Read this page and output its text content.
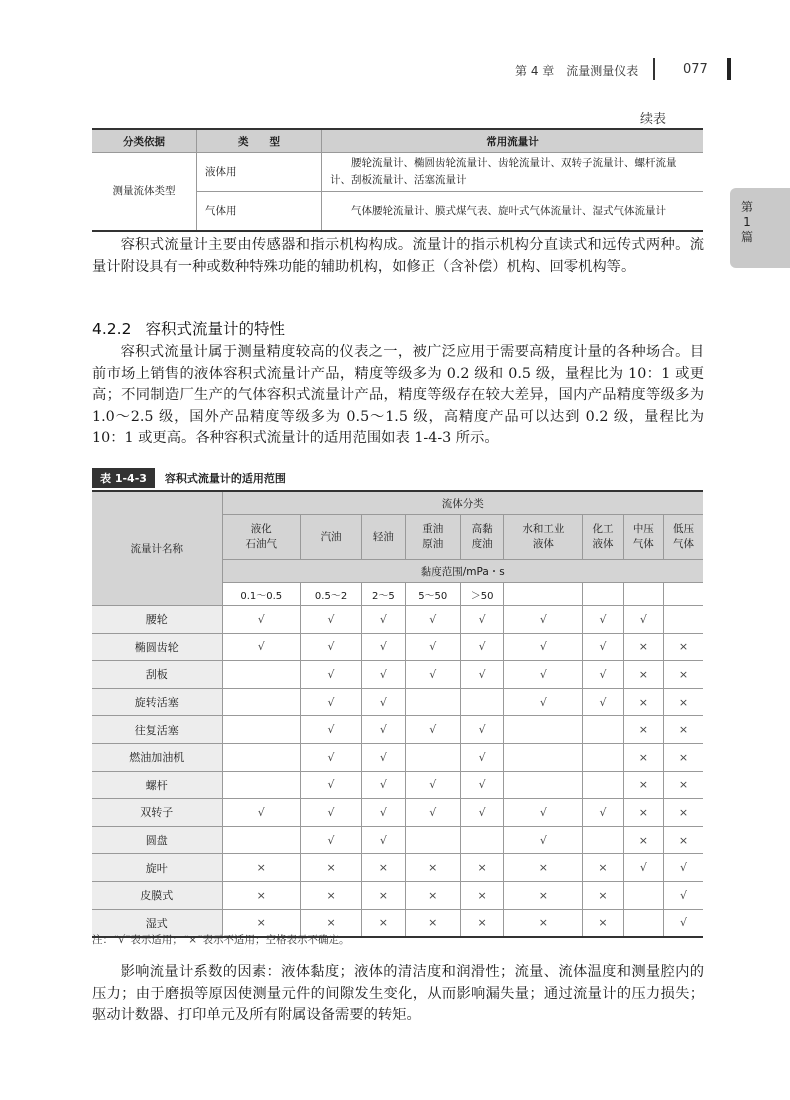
第 4 章　流量测量仪表	077
第1篇
续表
分类依据	类　　型	常用流量计
测量流体类型	液体用	腰轮流量计、椭圆齿轮流量计、齿轮流量计、双转子流量计、螺杆流量计、刮板流量计、活塞流量计
	气体用	气体腰轮流量计、膜式煤气表、旋叶式气体流量计、湿式气体流量计
容积式流量计主要由传感器和指示机构构成。流量计的指示机构分直读式和远传式两种。流量计附设具有一种或数种特殊功能的辅助机构，如修正（含补偿）机构、回零机构等。
4.2.2 容积式流量计的特性
容积式流量计属于测量精度较高的仪表之一，被广泛应用于需要高精度计量的各种场合。目前市场上销售的液体容积式流量计产品，精度等级多为 0.2 级和 0.5 级，量程比为 10：1 或更高；不同制造厂生产的气体容积式流量计产品，精度等级存在较大差异，国内产品精度等级多为 1.0～2.5 级，国外产品精度等级多为 0.5～1.5 级，高精度产品可以达到 0.2 级，量程比为 10：1 或更高。各种容积式流量计的适用范围如表 1-4-3 所示。
表 1-4-3 容积式流量计的适用范围
流量计名称	流体分类								
	液化
石油气	汽油	轻油	重油
原油	高黏
度油	水和工业
液体	化工
液体	中压
气体	低压
气体
	黏度范围/mPa・s								
	0.1～0.5	0.5～2	2～5	5～50	＞50				
腰轮	√	√	√	√	√	√	√	√	
椭圆齿轮	√	√	√	√	√	√	√	×	×
刮板		√	√	√	√	√	√	×	×
旋转活塞		√	√			√	√	×	×
往复活塞		√	√	√	√			×	×
燃油加油机		√	√		√			×	×
螺杆		√	√	√	√			×	×
双转子	√	√	√	√	√	√	√	×	×
圆盘		√	√			√		×	×
旋叶	×	×	×	×	×	×	×	√	√
皮膜式	×	×	×	×	×	×	×		√
湿式	×	×	×	×	×	×	×		√
注：“√”表示适用；“×”表示不适用；空格表示不确定。
影响流量计系数的因素：液体黏度；液体的清洁度和润滑性；流量、流体温度和测量腔内的压力；由于磨损等原因使测量元件的间隙发生变化，从而影响漏失量；通过流量计的压力损失；驱动计数器、打印单元及所有附属设备需要的转矩。
